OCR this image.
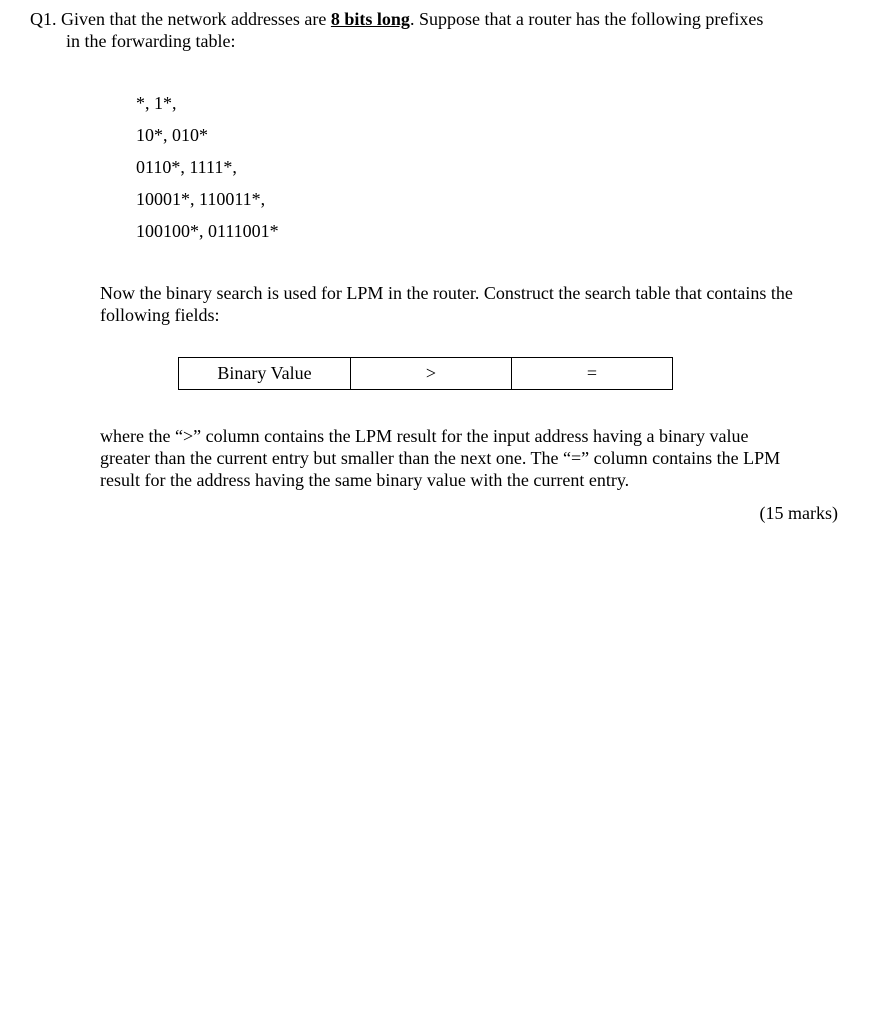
Q1. Given that the network addresses are 8 bits long. Suppose that a router has the following prefixes
in the forwarding table:
*, 1*,
10*, 010*
0110*, 1111*,
10001*, 110011*,
100100*, 0111001*
Now the binary search is used for LPM in the router. Construct the search table that contains the
following fields:
Binary Value	>	=
where the “>” column contains the LPM result for the input address having a binary value
greater than the current entry but smaller than the next one. The “=” column contains the LPM
result for the address having the same binary value with the current entry.
(15 marks)
